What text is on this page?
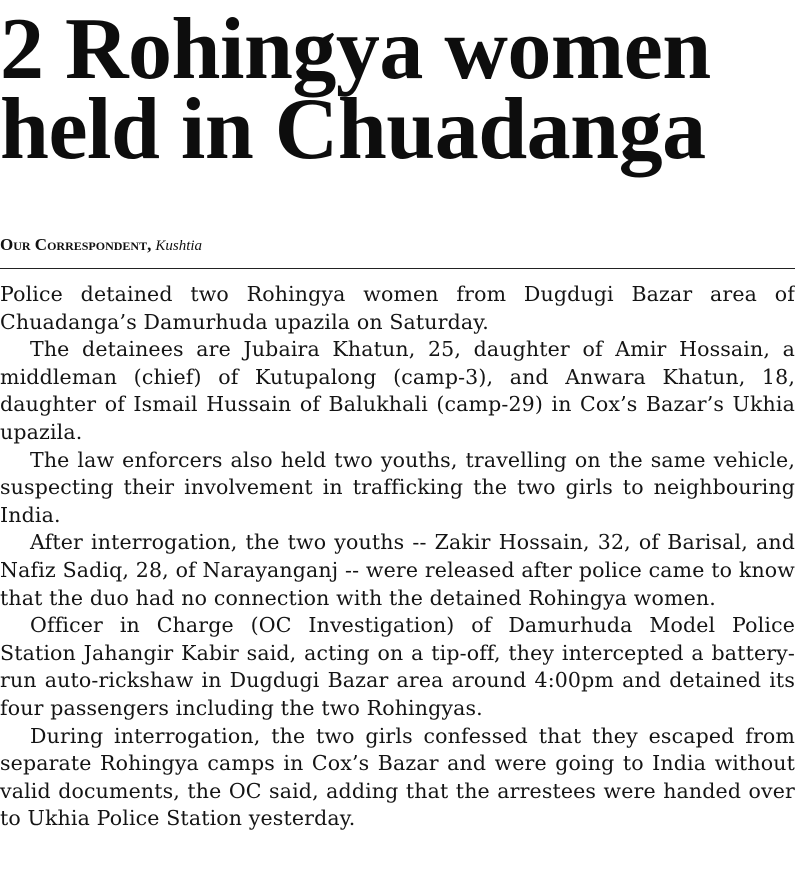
2 Rohingya women
held in Chuadanga
Our Correspondent, Kushtia

Police detained two Rohingya women from Dugdugi Bazar area of Chuadanga’s Damurhuda upazila on Saturday.

The detainees are Jubaira Khatun, 25, daughter of Amir Hossain, a middleman (chief) of Kutupalong (camp-3), and Anwara Khatun, 18, daughter of Ismail Hussain of Balukhali (camp-29) in Cox’s Bazar’s Ukhia upazila.

The law enforcers also held two youths, travelling on the same vehicle, suspecting their involvement in trafficking the two girls to neighbouring India.

After interrogation, the two youths -- Zakir Hossain, 32, of Barisal, and Nafiz Sadiq, 28, of Narayanganj -- were released after police came to know that the duo had no connection with the detained Rohingya women.

Officer in Charge (OC Investigation) of Damurhuda Model Police Station Jahangir Kabir said, acting on a tip-off, they intercepted a battery-run auto-rickshaw in Dugdugi Bazar area around 4:00pm and detained its four passengers including the two Rohingyas.

During interrogation, the two girls confessed that they escaped from separate Rohingya camps in Cox’s Bazar and were going to India without valid documents, the OC said, adding that the arrestees were handed over to Ukhia Police Station yesterday.
